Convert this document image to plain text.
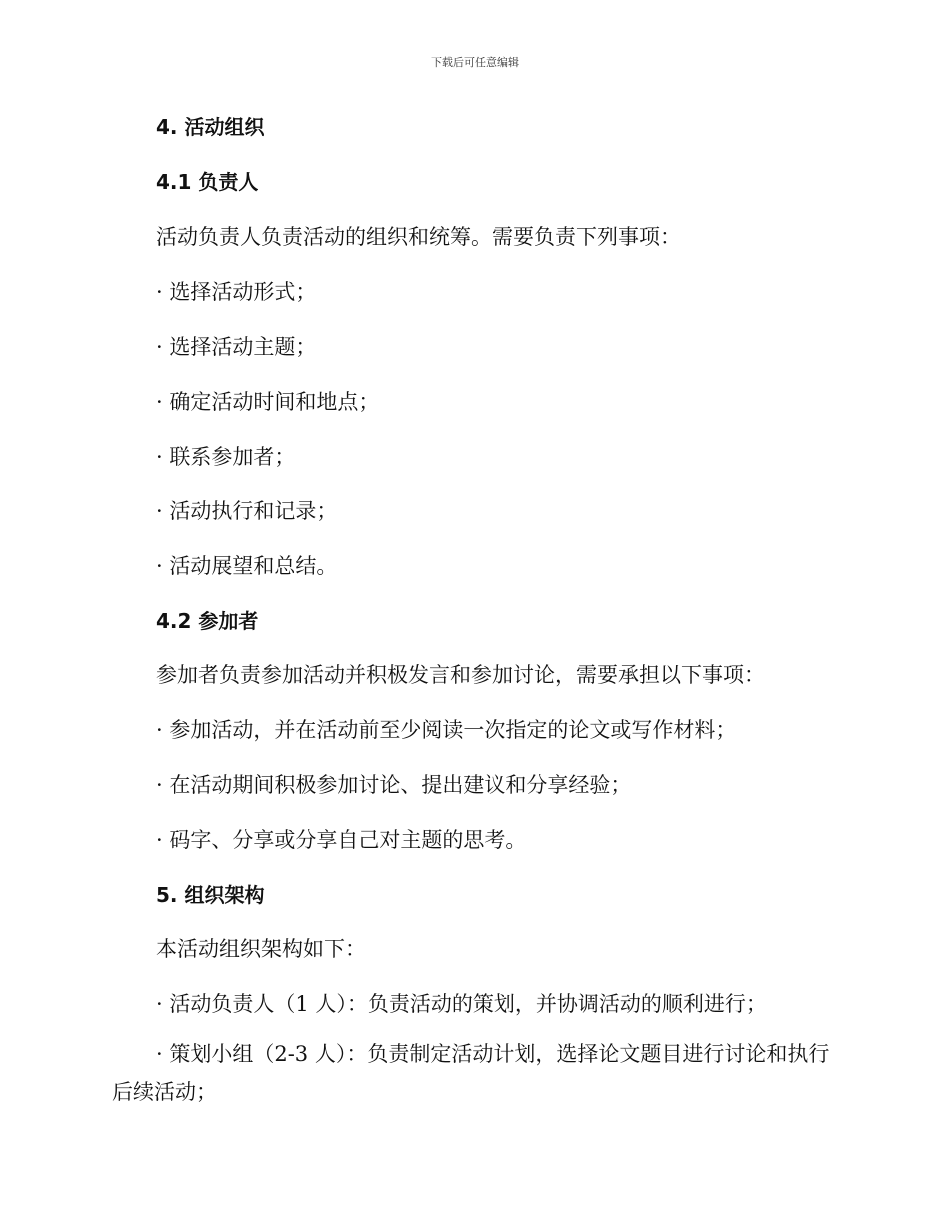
下载后可任意编辑
4. 活动组织
4.1 负责人
活动负责人负责活动的组织和统筹。需要负责下列事项：
· 选择活动形式；
· 选择活动主题；
· 确定活动时间和地点；
· 联系参加者；
· 活动执行和记录；
· 活动展望和总结。
4.2 参加者
参加者负责参加活动并积极发言和参加讨论，需要承担以下事项：
· 参加活动，并在活动前至少阅读一次指定的论文或写作材料；
· 在活动期间积极参加讨论、提出建议和分享经验；
· 码字、分享或分享自己对主题的思考。
5. 组织架构
本活动组织架构如下：
· 活动负责人（1 人）：负责活动的策划，并协调活动的顺利进行；
· 策划小组（2-3 人）：负责制定活动计划，选择论文题目进行讨论和执行后续活动；
